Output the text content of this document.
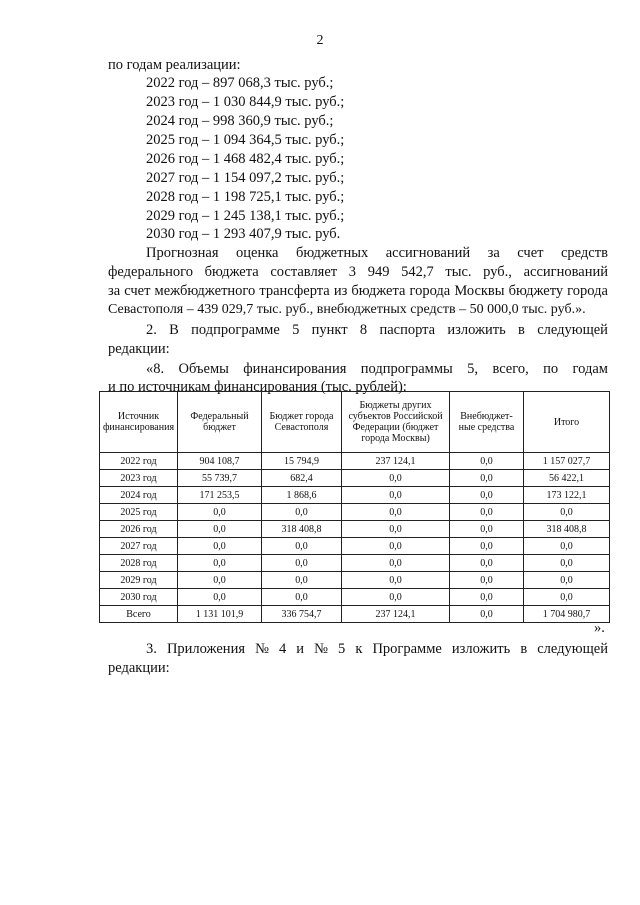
2
по годам реализации:
2022 год – 897 068,3 тыс. руб.;
2023 год – 1 030 844,9 тыс. руб.;
2024 год – 998 360,9 тыс. руб.;
2025 год – 1 094 364,5 тыс. руб.;
2026 год – 1 468 482,4 тыс. руб.;
2027 год – 1 154 097,2 тыс. руб.;
2028 год – 1 198 725,1 тыс. руб.;
2029 год – 1 245 138,1 тыс. руб.;
2030 год – 1 293 407,9 тыс. руб.
Прогнозная оценка бюджетных ассигнований за счет средств
федерального бюджета составляет 3 949 542,7 тыс. руб., ассигнований
за счет межбюджетного трансферта из бюджета города Москвы бюджету города
Севастополя – 439 029,7 тыс. руб., внебюджетных средств – 50 000,0 тыс. руб.».
2. В подпрограмме 5 пункт 8 паспорта изложить в следующей
редакции:
«8. Объемы финансирования подпрограммы 5, всего, по годам
и по источникам финансирования (тыс. рублей):
Источник финансирования	Федеральный бюджет	Бюджет города Севастополя	Бюджеты других субъектов Российской Федерации (бюджет города Москвы)	Внебюджет-ные средства	Итого
2022 год	904 108,7	15 794,9	237 124,1	0,0	1 157 027,7
2023 год	55 739,7	682,4	0,0	0,0	56 422,1
2024 год	171 253,5	1 868,6	0,0	0,0	173 122,1
2025 год	0,0	0,0	0,0	0,0	0,0
2026 год	0,0	318 408,8	0,0	0,0	318 408,8
2027 год	0,0	0,0	0,0	0,0	0,0
2028 год	0,0	0,0	0,0	0,0	0,0
2029 год	0,0	0,0	0,0	0,0	0,0
2030 год	0,0	0,0	0,0	0,0	0,0
Всего	1 131 101,9	336 754,7	237 124,1	0,0	1 704 980,7
».
3. Приложения № 4 и № 5 к Программе изложить в следующей
редакции:
